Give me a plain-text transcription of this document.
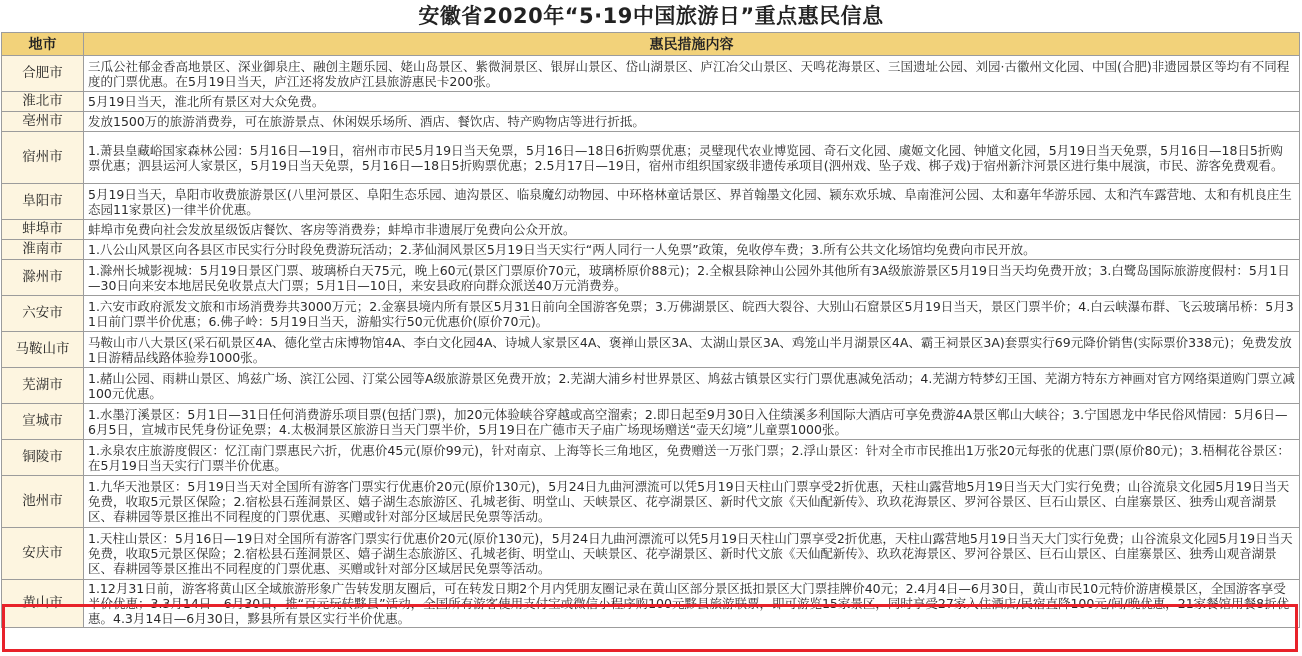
安徽省2020年“5·19中国旅游日”重点惠民信息
地市	惠民措施内容
合肥市	三瓜公社郁金香高地景区、深业御泉庄、融创主题乐园、姥山岛景区、紫微洞景区、银屏山景区、岱山湖景区、庐江冶父山景区、天鸣花海景区、三国遗址公园、刘园·古徽州文化园、中国(合肥)非遗园景区等均有不同程度的门票优惠。在5月19日当天，庐江还将发放庐江县旅游惠民卡200张。
淮北市	5月19日当天，淮北所有景区对大众免费。
亳州市	发放1500万的旅游消费券，可在旅游景点、休闲娱乐场所、酒店、餐饮店、特产购物店等进行折抵。
宿州市	1.萧县皇藏峪国家森林公园：5月16日—19日，宿州市市民5月19日当天免票，5月16日—18日6折购票优惠；灵璧现代农业博览园、奇石文化园、虞姬文化园、钟馗文化园，5月19日当天免票，5月16日—18日5折购票优惠；泗县运河人家景区，5月19日当天免票，5月16日—18日5折购票优惠；2.5月17日—19日，宿州市组织国家级非遗传承项目(泗州戏、坠子戏、梆子戏)于宿州新汴河景区进行集中展演，市民、游客免费观看。
阜阳市	5月19日当天，阜阳市收费旅游景区(八里河景区、阜阳生态乐园、迪沟景区、临泉魔幻动物园、中环格林童话景区、界首翰墨文化园、颍东欢乐城、阜南淮河公园、太和嘉年华游乐园、太和汽车露营地、太和有机良庄生态园11家景区)一律半价优惠。
蚌埠市	蚌埠市免费向社会发放星级饭店餐饮、客房等消费券；蚌埠市非遗展厅免费向公众开放。
淮南市	1.八公山风景区向各县区市民实行分时段免费游玩活动；2.茅仙洞风景区5月19日当天实行“两人同行一人免票”政策，免收停车费；3.所有公共文化场馆均免费向市民开放。
滁州市	1.滁州长城影视城：5月19日景区门票、玻璃桥白天75元，晚上60元(景区门票原价70元，玻璃桥原价88元)；2.全椒县除神山公园外其他所有3A级旅游景区5月19日当天均免费开放；3.白鹭岛国际旅游度假村：5月1日—30日向来安本地居民免收景点大门票；5月1日—10日，来安县政府向群众派送40万元消费券。
六安市	1.六安市政府派发文旅和市场消费券共3000万元；2.金寨县境内所有景区5月31日前向全国游客免票；3.万佛湖景区、皖西大裂谷、大别山石窟景区5月19日当天，景区门票半价；4.白云峡瀑布群、飞云玻璃吊桥：5月31日前门票半价优惠；6.佛子岭：5月19日当天，游船实行50元优惠价(原价70元)。
马鞍山市	马鞍山市八大景区(采石矶景区4A、德化堂古床博物馆4A、李白文化园4A、诗城人家景区4A、褒禅山景区3A、太湖山景区3A、鸡笼山半月湖景区4A、霸王祠景区3A)套票实行69元降价销售(实际票价338元)；免费发放1日游精品线路体验券1000张。
芜湖市	1.赭山公园、雨耕山景区、鸠兹广场、滨江公园、汀棠公园等A级旅游景区免费开放；2.芜湖大浦乡村世界景区、鸠兹古镇景区实行门票优惠减免活动；4.芜湖方特梦幻王国、芜湖方特东方神画对官方网络渠道购门票立减100元优惠。
宣城市	1.水墨汀溪景区：5月1日—31日任何消费游乐项目票(包括门票)，加20元体验峡谷穿越或高空溜索；2.即日起至9月30日入住绩溪多利国际大酒店可享免费游4A景区郸山大峡谷；3.宁国恩龙中华民俗风情园：5月6日—6月5日，宣城市民凭身份证免票；4.太极洞景区旅游日当天门票半价，5月19日在广德市天子庙广场现场赠送“壶天幻境”儿童票1000张。
铜陵市	1.永泉农庄旅游度假区：忆江南门票惠民六折，优惠价45元(原价99元)，针对南京、上海等长三角地区，免费赠送一万张门票；2.浮山景区：针对全市市民推出1万张20元每张的优惠门票(原价80元)；3.梧桐花谷景区：在5月19日当天实行门票半价优惠。
池州市	1.九华天池景区：5月19日当天对全国所有游客门票实行优惠价20元(原价130元)，5月24日九曲河漂流可以凭5月19日天柱山门票享受2折优惠，天柱山露营地5月19日当天大门实行免费；山谷流泉文化园5月19日当天免费，收取5元景区保险；2.宿松县石莲洞景区、嬉子湖生态旅游区、孔城老街、明堂山、天峡景区、花亭湖景区、新时代文旅《天仙配新传》、玖玖花海景区、罗河谷景区、巨石山景区、白崖寨景区、独秀山观音湖景区、春耕园等景区推出不同程度的门票优惠、买赠或针对部分区域居民免票等活动。
安庆市	1.天柱山景区：5月16日—19日对全国所有游客门票实行优惠价20元(原价130元)，5月24日九曲河漂流可以凭5月19日天柱山门票享受2折优惠，天柱山露营地5月19日当天大门实行免费；山谷流泉文化园5月19日当天免费，收取5元景区保险；2.宿松县石莲洞景区、嬉子湖生态旅游区、孔城老街、明堂山、天峡景区、花亭湖景区、新时代文旅《天仙配新传》、玖玖花海景区、罗河谷景区、巨石山景区、白崖寨景区、独秀山观音湖景区、春耕园等景区推出不同程度的门票优惠、买赠或针对部分区域居民免票等活动。
黄山市	1.12月31日前，游客将黄山区全域旅游形象广告转发朋友圈后，可在转发日期2个月内凭朋友圈记录在黄山区部分景区抵扣景区大门票挂牌价40元；2.4月4日—6月30日，黄山市民10元特价游唐模景区，全国游客享受半价优惠；3.3月14日—6月30日，推“百元玩转黟县”活动，全国所有游客使用支付宝或微信小程序购100元黟县旅游联票，即可游览15家景区，同时享受27家入住酒店/民宿直降100元/间/晚优惠，21家餐馆用餐8折优惠。4.3月14日—6月30日，黟县所有景区实行半价优惠。
